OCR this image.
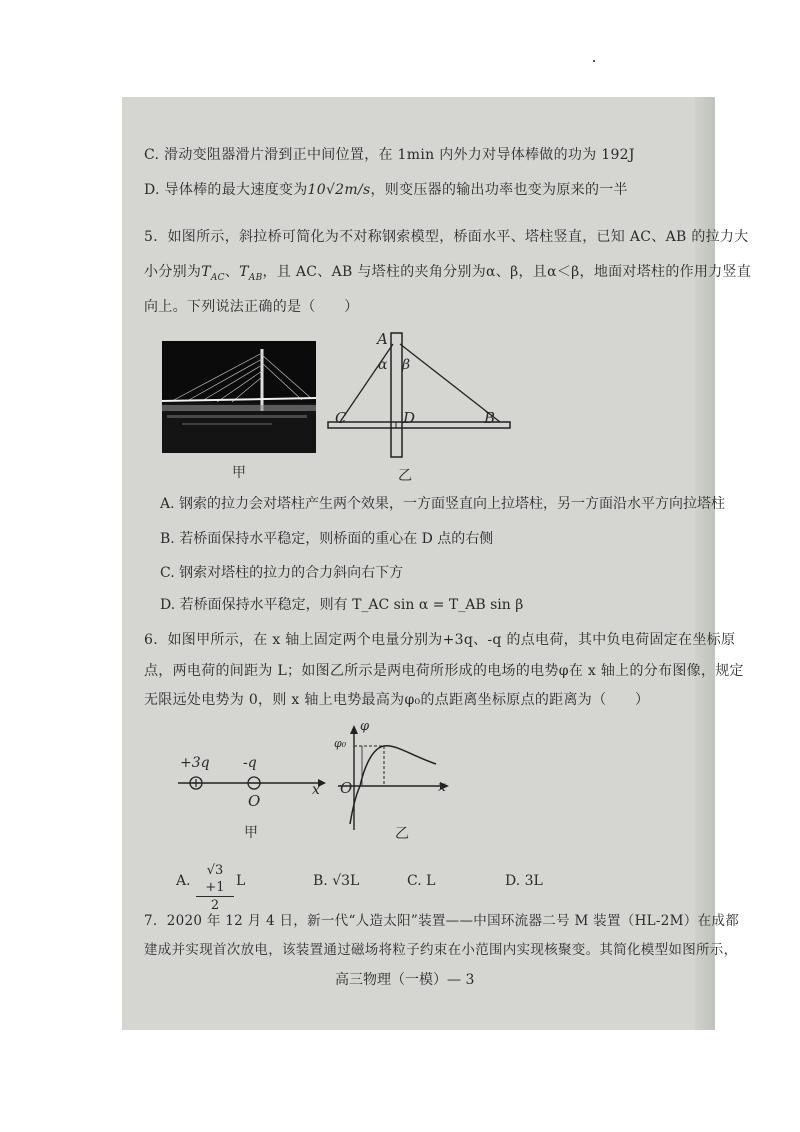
C. 滑动变阻器滑片滑到正中间位置，在 1min 内外力对导体棒做的功为 192J
D. 导体棒的最大速度变为10√2m/s，则变压器的输出功率也变为原来的一半
5．如图所示，斜拉桥可简化为不对称钢索模型，桥面水平、塔柱竖直，已知 AC、AB 的拉力大
小分别为$T_{AC}$、$T_{AB}$，且 AC、AB 与塔柱的夹角分别为α、β，且α＜β，地面对塔柱的作用力竖直
向上。下列说法正确的是（　　）
甲
A
α β
C	D	B
乙
A. 钢索的拉力会对塔柱产生两个效果，一方面竖直向上拉塔柱，另一方面沿水平方向拉塔柱
B. 若桥面保持水平稳定，则桥面的重心在 D 点的右侧
C. 钢索对塔柱的拉力的合力斜向右下方
D. 若桥面保持水平稳定，则有 T_AC sin α = T_AB sin β
6．如图甲所示，在 x 轴上固定两个电量分别为+3q、-q 的点电荷，其中负电荷固定在坐标原
点，两电荷的间距为 L；如图乙所示是两电荷所形成的电场的电势φ在 x 轴上的分布图像，规定
无限远处电势为 0，则 x 轴上电势最高为φ₀的点距离坐标原点的距离为（　　）
+3q -q
O
x
甲
φ
φ₀
O	x
乙
A. $\frac{√3 +1}{2}$ L	B. √3L	C. L	D. 3L
7．2020 年 12 月 4 日，新一代“人造太阳”装置——中国环流器二号 M 装置（HL-2M）在成都
建成并实现首次放电，该装置通过磁场将粒子约束在小范围内实现核聚变。其简化模型如图所示，
高三物理（一模）— 3
